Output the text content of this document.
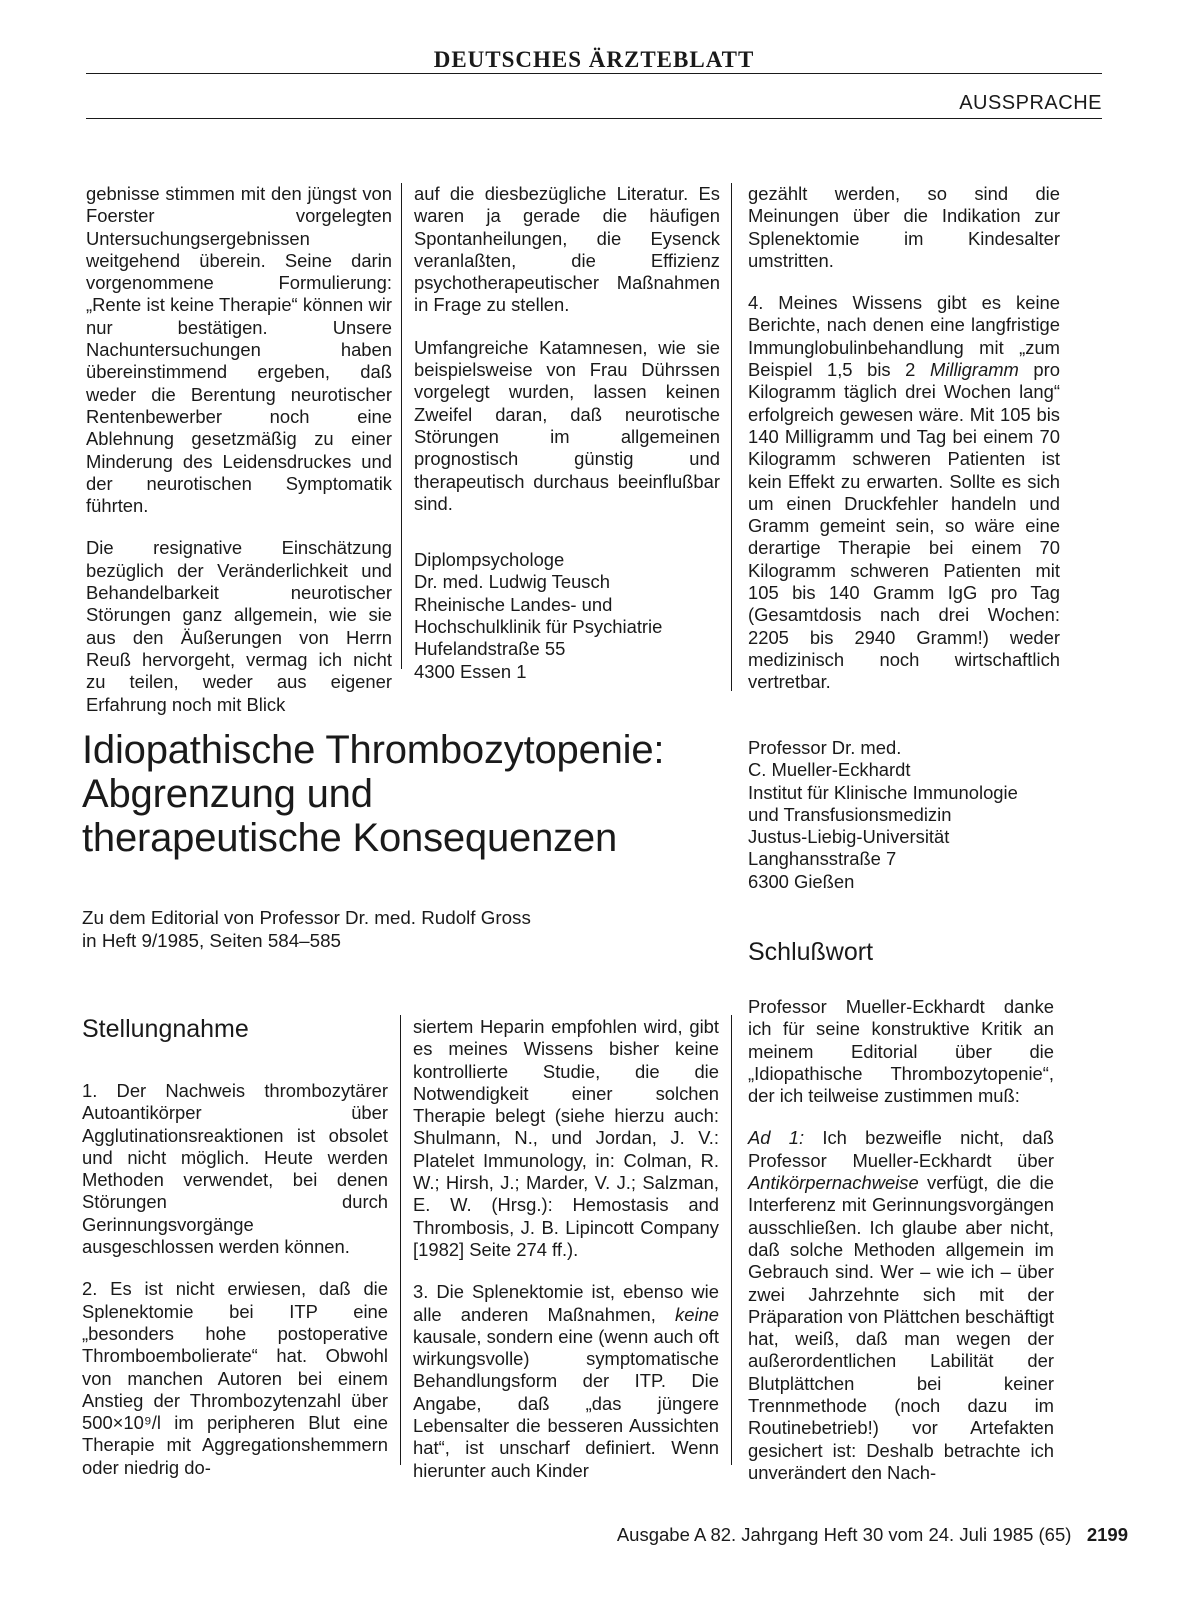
DEUTSCHES ÄRZTEBLATT
AUSSPRACHE

gebnisse stimmen mit den jüngst von Foerster vorgelegten Untersuchungsergebnissen weitgehend überein. Seine darin vorgenommene Formulierung: „Rente ist keine Therapie“ können wir nur bestätigen. Unsere Nachuntersuchungen haben übereinstimmend ergeben, daß weder die Berentung neurotischer Rentenbewerber noch eine Ablehnung gesetzmäßig zu einer Minderung des Leidensdruckes und der neurotischen Symptomatik führten.

Die resignative Einschätzung bezüglich der Veränderlichkeit und Behandelbarkeit neurotischer Störungen ganz allgemein, wie sie aus den Äußerungen von Herrn Reuß hervorgeht, vermag ich nicht zu teilen, weder aus eigener Erfahrung noch mit Blick

auf die diesbezügliche Literatur. Es waren ja gerade die häufigen Spontanheilungen, die Eysenck veranlaßten, die Effizienz psychotherapeutischer Maßnahmen in Frage zu stellen.

Umfangreiche Katamnesen, wie sie beispielsweise von Frau Dührssen vorgelegt wurden, lassen keinen Zweifel daran, daß neurotische Störungen im allgemeinen prognostisch günstig und therapeutisch durchaus beeinflußbar sind.

Diplompsychologe
Dr. med. Ludwig Teusch
Rheinische Landes- und
Hochschulklinik für Psychiatrie
Hufelandstraße 55
4300 Essen 1

gezählt werden, so sind die Meinungen über die Indikation zur Splenektomie im Kindesalter umstritten.

4. Meines Wissens gibt es keine Berichte, nach denen eine langfristige Immunglobulinbehandlung mit „zum Beispiel 1,5 bis 2 Milligramm pro Kilogramm täglich drei Wochen lang“ erfolgreich gewesen wäre. Mit 105 bis 140 Milligramm und Tag bei einem 70 Kilogramm schweren Patienten ist kein Effekt zu erwarten. Sollte es sich um einen Druckfehler handeln und Gramm gemeint sein, so wäre eine derartige Therapie bei einem 70 Kilogramm schweren Patienten mit 105 bis 140 Gramm IgG pro Tag (Gesamtdosis nach drei Wochen: 2205 bis 2940 Gramm!) weder medizinisch noch wirtschaftlich vertretbar.

Idiopathische Thrombozytopenie:
Abgrenzung und
therapeutische Konsequenzen
Zu dem Editorial von Professor Dr. med. Rudolf Gross
in Heft 9/1985, Seiten 584–585

Professor Dr. med.
C. Mueller-Eckhardt
Institut für Klinische Immunologie
und Transfusionsmedizin
Justus-Liebig-Universität
Langhansstraße 7
6300 Gießen

Schlußwort
Stellungnahme

1. Der Nachweis thrombozytärer Autoantikörper über Agglutinationsreaktionen ist obsolet und nicht möglich. Heute werden Methoden verwendet, bei denen Störungen durch Gerinnungsvorgänge ausgeschlossen werden können.

2. Es ist nicht erwiesen, daß die Splenektomie bei ITP eine „besonders hohe postoperative Thromboembolierate“ hat. Obwohl von manchen Autoren bei einem Anstieg der Thrombozytenzahl über 500×10⁹/l im peripheren Blut eine Therapie mit Aggregationshemmern oder niedrig do-

siertem Heparin empfohlen wird, gibt es meines Wissens bisher keine kontrollierte Studie, die die Notwendigkeit einer solchen Therapie belegt (siehe hierzu auch: Shulmann, N., und Jordan, J. V.: Platelet Immunology, in: Colman, R. W.; Hirsh, J.; Marder, V. J.; Salzman, E. W. (Hrsg.): Hemostasis and Thrombosis, J. B. Lipincott Company [1982] Seite 274 ff.).

3. Die Splenektomie ist, ebenso wie alle anderen Maßnahmen, keine kausale, sondern eine (wenn auch oft wirkungsvolle) symptomatische Behandlungsform der ITP. Die Angabe, daß „das jüngere Lebensalter die besseren Aussichten hat“, ist unscharf definiert. Wenn hierunter auch Kinder

Professor Mueller-Eckhardt danke ich für seine konstruktive Kritik an meinem Editorial über die „Idiopathische Thrombozytopenie“, der ich teilweise zustimmen muß:

Ad 1: Ich bezweifle nicht, daß Professor Mueller-Eckhardt über Antikörpernachweise verfügt, die die Interferenz mit Gerinnungsvorgängen ausschließen. Ich glaube aber nicht, daß solche Methoden allgemein im Gebrauch sind. Wer – wie ich – über zwei Jahrzehnte sich mit der Präparation von Plättchen beschäftigt hat, weiß, daß man wegen der außerordentlichen Labilität der Blutplättchen bei keiner Trennmethode (noch dazu im Routinebetrieb!) vor Artefakten gesichert ist: Deshalb betrachte ich unverändert den Nach-

Ausgabe A 82. Jahrgang Heft 30 vom 24. Juli 1985 (65) 2199
